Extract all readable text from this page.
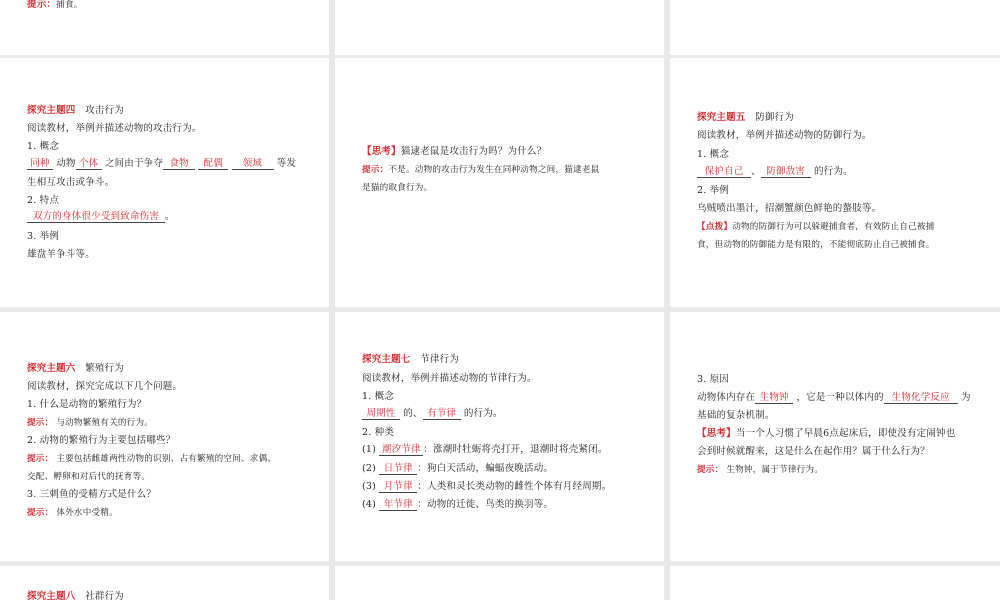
提示：捕食。
探究主题四 攻击行为
阅读教材，举例并描述动物的攻击行为。
1. 概念
同种 动物 个体 之间由于争夺 食物 配偶 领域 等发
生相互攻击或争斗。
2. 特点
双方的身体很少受到致命伤害 。
3. 举例
雄盘羊争斗等。
【思考】猫逮老鼠是攻击行为吗？为什么？
提示：不是。动物的攻击行为发生在同种动物之间，猫逮老鼠
是猫的取食行为。
探究主题五 防御行为
阅读教材，举例并描述动物的防御行为。
1. 概念
保护自己 、 防御敌害 的行为。
2. 举例
乌贼喷出墨汁，招潮蟹颜色鲜艳的螯肢等。
【点拨】动物的防御行为可以躲避捕食者，有效防止自己被捕
食，但动物的防御能力是有限的，不能彻底防止自己被捕食。
探究主题六 繁殖行为
阅读教材，探究完成以下几个问题。
1. 什么是动物的繁殖行为？
提示： 与动物繁殖有关的行为。
2. 动物的繁殖行为主要包括哪些？
提示： 主要包括雌雄两性动物的识别、占有繁殖的空间、求偶、
交配、孵卵和对后代的抚育等。
3. 三刺鱼的受精方式是什么？
提示： 体外水中受精。
探究主题七 节律行为
阅读教材，举例并描述动物的节律行为。
1. 概念
周期性 的、 有节律 的行为。
2. 种类
(1) 潮汐节律 ：涨潮时牡蛎将壳打开，退潮时将壳紧闭。
(2) 日节律 ：狗白天活动，蝙蝠夜晚活动。
(3) 月节律 ：人类和灵长类动物的雌性个体有月经周期。
(4) 年节律 ：动物的迁徙、鸟类的换羽等。
3. 原因
动物体内存在 生物钟 ，它是一种以体内的 生物化学反应 为
基础的复杂机制。
【思考】当一个人习惯了早晨6点起床后，即使没有定闹钟也
会到时候就醒来，这是什么在起作用？属于什么行为？
提示： 生物钟，属于节律行为。
探究主题八 社群行为
